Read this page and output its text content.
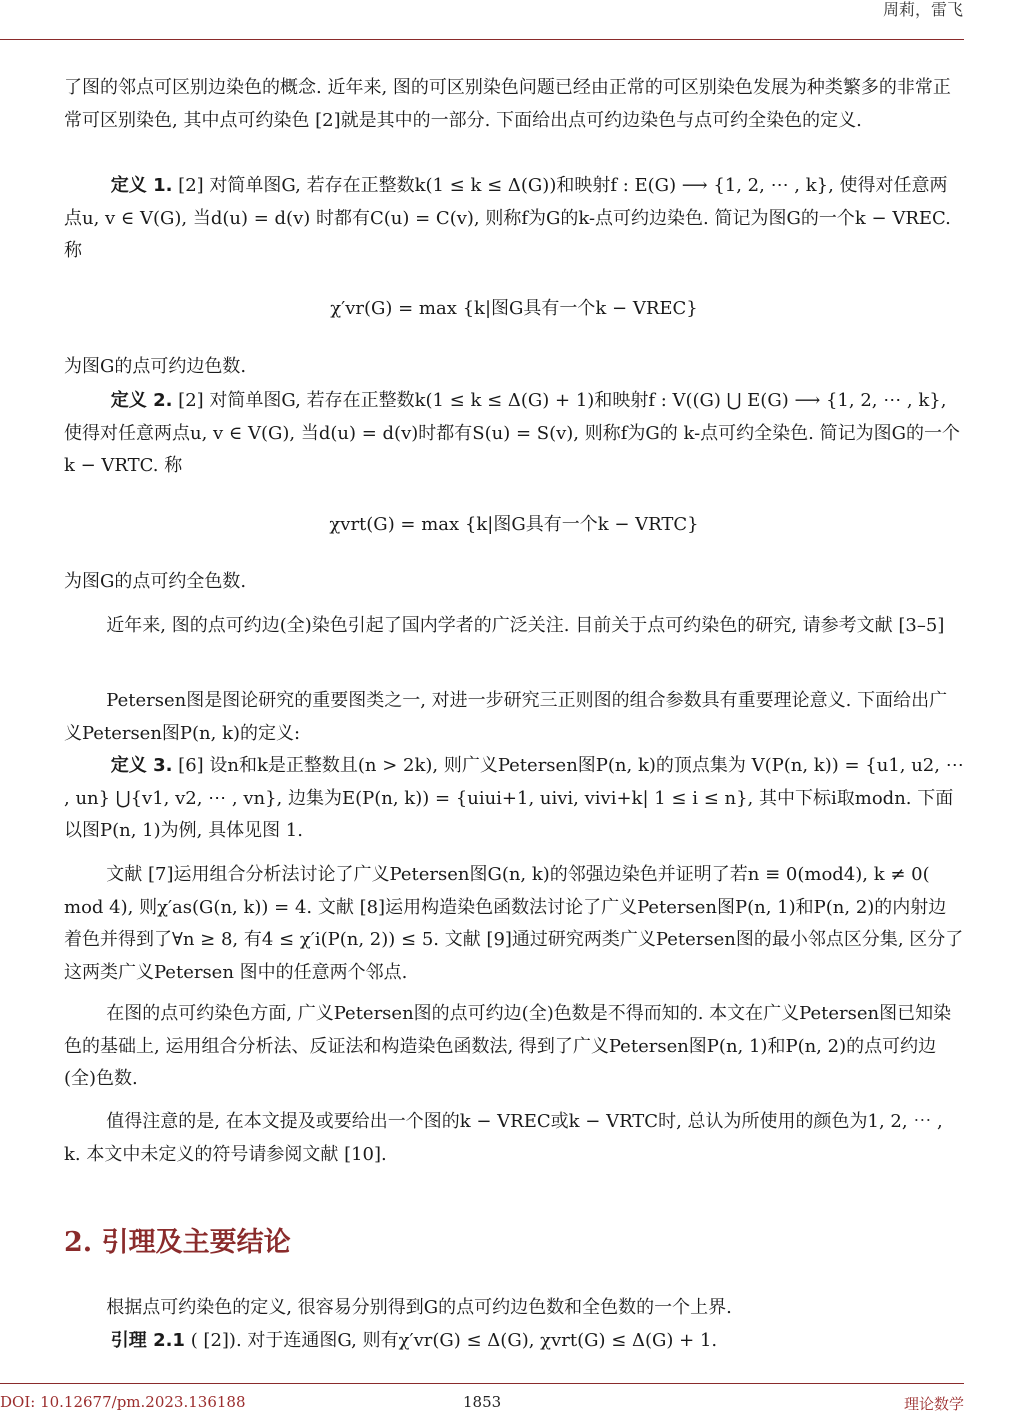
周莉，雷飞

了图的邻点可区别边染色的概念. 近年来, 图的可区别染色问题已经由正常的可区别染色发展为种类繁多的非常正常可区别染色, 其中点可约染色 [2]就是其中的一部分. 下面给出点可约边染色与点可约全染色的定义.

定义 1. [2] 对简单图G, 若存在正整数k(1 ≤ k ≤ Δ(G))和映射f : E(G) ⟶ {1, 2, ⋯ , k}, 使得对任意两点u, v ∈ V(G), 当d(u) = d(v) 时都有C(u) = C(v), 则称f为G的k-点可约边染色. 简记为图G的一个k − VREC. 称

χ′vr(G) = max {k|图G具有一个k − VREC}

为图G的点可约边色数.

定义 2. [2] 对简单图G, 若存在正整数k(1 ≤ k ≤ Δ(G) + 1)和映射f : V((G) ⋃ E(G) ⟶ {1, 2, ⋯ , k}, 使得对任意两点u, v ∈ V(G), 当d(u) = d(v)时都有S(u) = S(v), 则称f为G的 k-点可约全染色. 简记为图G的一个k − VRTC. 称

χvrt(G) = max {k|图G具有一个k − VRTC}

为图G的点可约全色数.

近年来, 图的点可约边(全)染色引起了国内学者的广泛关注. 目前关于点可约染色的研究, 请参考文献 [3–5]

Petersen图是图论研究的重要图类之一, 对进一步研究三正则图的组合参数具有重要理论意义. 下面给出广义Petersen图P(n, k)的定义:

定义 3. [6] 设n和k是正整数且(n > 2k), 则广义Petersen图P(n, k)的顶点集为 V(P(n, k)) = {u1, u2, ⋯ , un} ⋃{v1, v2, ⋯ , vn}, 边集为E(P(n, k)) = {uiui+1, uivi, vivi+k| 1 ≤ i ≤ n}, 其中下标i取modn. 下面以图P(n, 1)为例, 具体见图 1.

文献 [7]运用组合分析法讨论了广义Petersen图G(n, k)的邻强边染色并证明了若n ≡ 0(mod4), k ≠ 0( mod 4), 则χ′as(G(n, k)) = 4. 文献 [8]运用构造染色函数法讨论了广义Petersen图P(n, 1)和P(n, 2)的内射边着色并得到了∀n ≥ 8, 有4 ≤ χ′i(P(n, 2)) ≤ 5. 文献 [9]通过研究两类广义Petersen图的最小邻点区分集, 区分了这两类广义Petersen 图中的任意两个邻点.

在图的点可约染色方面, 广义Petersen图的点可约边(全)色数是不得而知的. 本文在广义Petersen图已知染色的基础上, 运用组合分析法、反证法和构造染色函数法, 得到了广义Petersen图P(n, 1)和P(n, 2)的点可约边(全)色数.

值得注意的是, 在本文提及或要给出一个图的k − VREC或k − VRTC时, 总认为所使用的颜色为1, 2, ⋯ , k. 本文中未定义的符号请参阅文献 [10].

2. 引理及主要结论

根据点可约染色的定义, 很容易分别得到G的点可约边色数和全色数的一个上界.

引理 2.1 ( [2]). 对于连通图G, 则有χ′vr(G) ≤ Δ(G), χvrt(G) ≤ Δ(G) + 1.

DOI: 10.12677/pm.2023.136188	1853	理论数学
